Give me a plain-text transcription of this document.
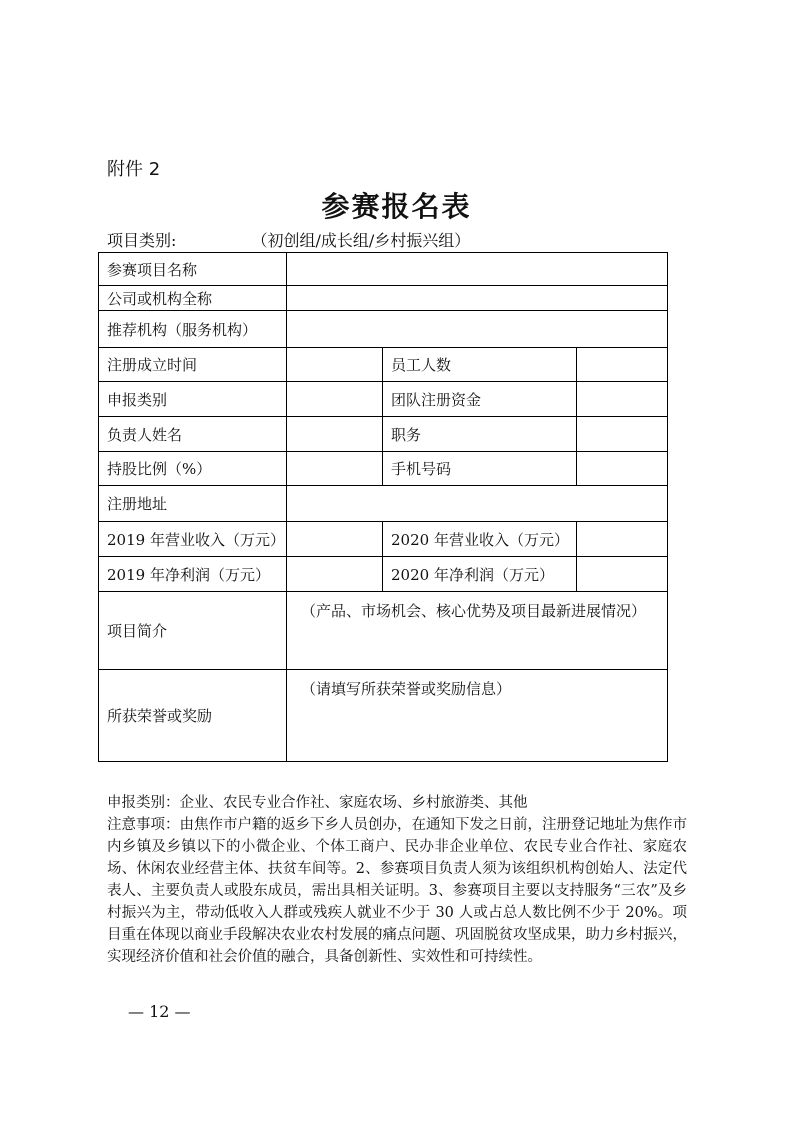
附件 2
参赛报名表
项目类别:	（初创组/成长组/乡村振兴组）
参赛项目名称			
公司或机构全称			
推荐机构（服务机构）			
注册成立时间		员工人数	
申报类别		团队注册资金	
负责人姓名		职务	
持股比例（%）		手机号码	
注册地址			
2019 年营业收入（万元）		2020 年营业收入（万元）	
2019 年净利润（万元）		2020 年净利润（万元）	
项目简介	（产品、市场机会、核心优势及项目最新进展情况）		
所获荣誉或奖励	（请填写所获荣誉或奖励信息）		

申报类别：企业、农民专业合作社、家庭农场、乡村旅游类、其他

注意事项：由焦作市户籍的返乡下乡人员创办，在通知下发之日前，注册登记地址为焦作市内乡镇及乡镇以下的小微企业、个体工商户、民办非企业单位、农民专业合作社、家庭农场、休闲农业经营主体、扶贫车间等。2、参赛项目负责人须为该组织机构创始人、法定代表人、主要负责人或股东成员，需出具相关证明。3、参赛项目主要以支持服务“三农”及乡村振兴为主，带动低收入人群或残疾人就业不少于 30 人或占总人数比例不少于 20%。项目重在体现以商业手段解决农业农村发展的痛点问题、巩固脱贫攻坚成果，助力乡村振兴，实现经济价值和社会价值的融合，具备创新性、实效性和可持续性。

— 12 —
